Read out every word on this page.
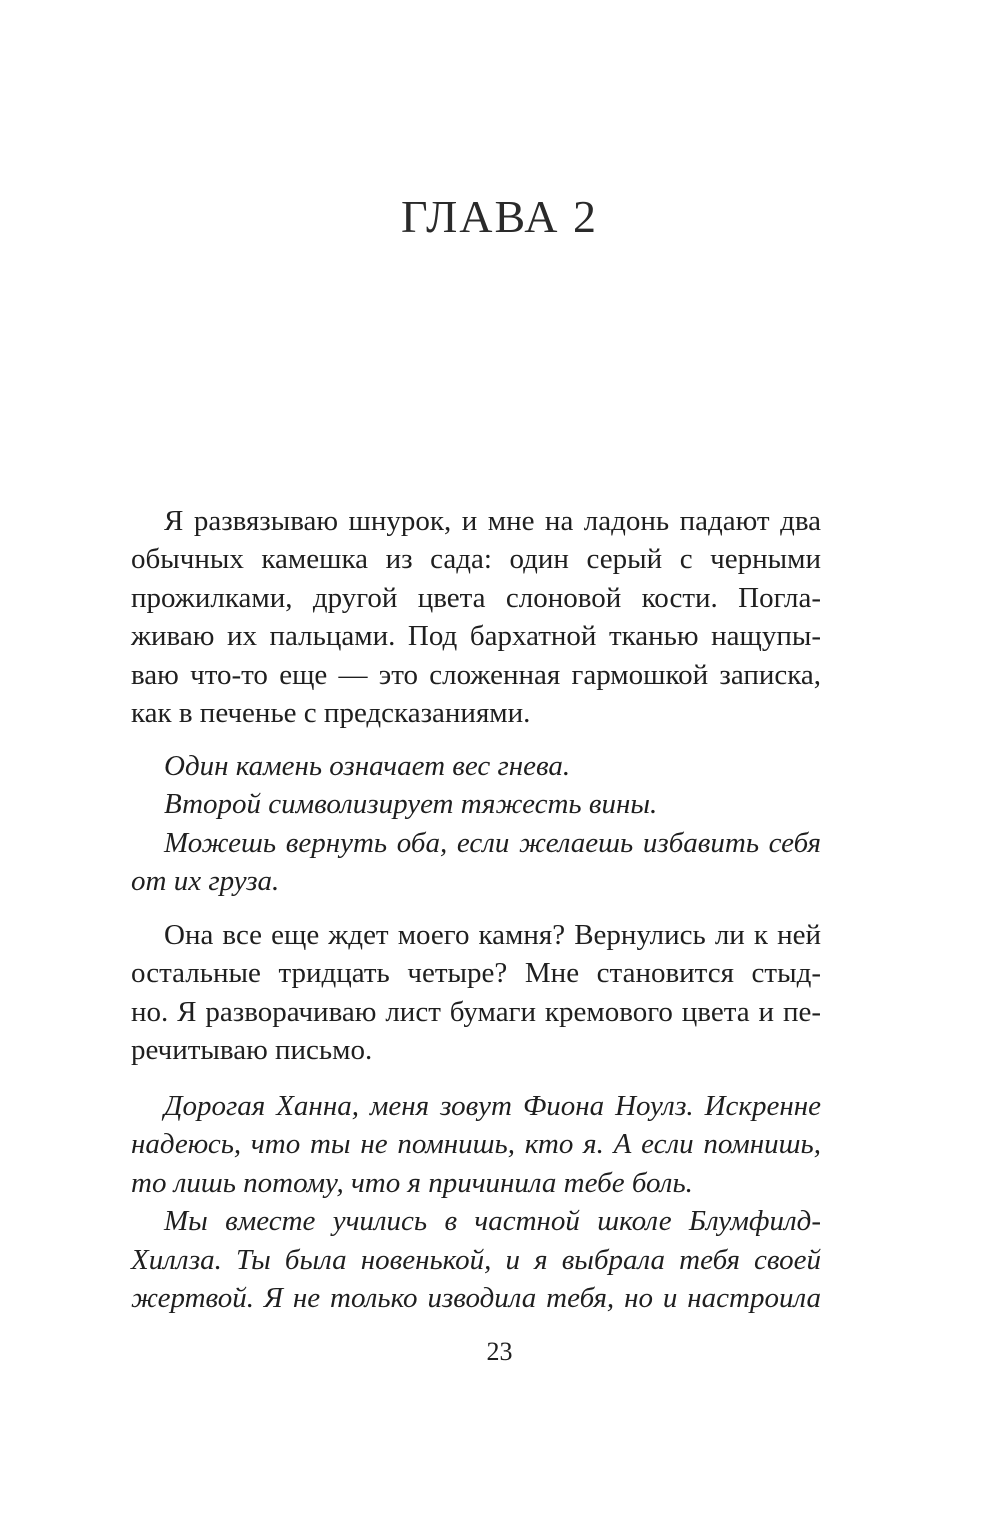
ГЛАВА 2
Я развязываю шнурок, и мне на ладонь падают два
обычных камешка из сада: один серый с черными
прожилками, другой цвета слоновой кости. Погла-
живаю их пальцами. Под бархатной тканью нащупы-
ваю что-то еще — это сложенная гармошкой записка,
как в печенье с предсказаниями.
Один камень означает вес гнева.
Второй символизирует тяжесть вины.
Можешь вернуть оба, если желаешь избавить себя
от их груза.
Она все еще ждет моего камня? Вернулись ли к ней
остальные тридцать четыре? Мне становится стыд-
но. Я разворачиваю лист бумаги кремового цвета и пе-
речитываю письмо.
Дорогая Ханна, меня зовут Фиона Ноулз. Искренне
надеюсь, что ты не помнишь, кто я. А если помнишь,
то лишь потому, что я причинила тебе боль.
Мы вместе учились в частной школе Блумфилд-
Хиллза. Ты была новенькой, и я выбрала тебя своей
жертвой. Я не только изводила тебя, но и настроила

23
